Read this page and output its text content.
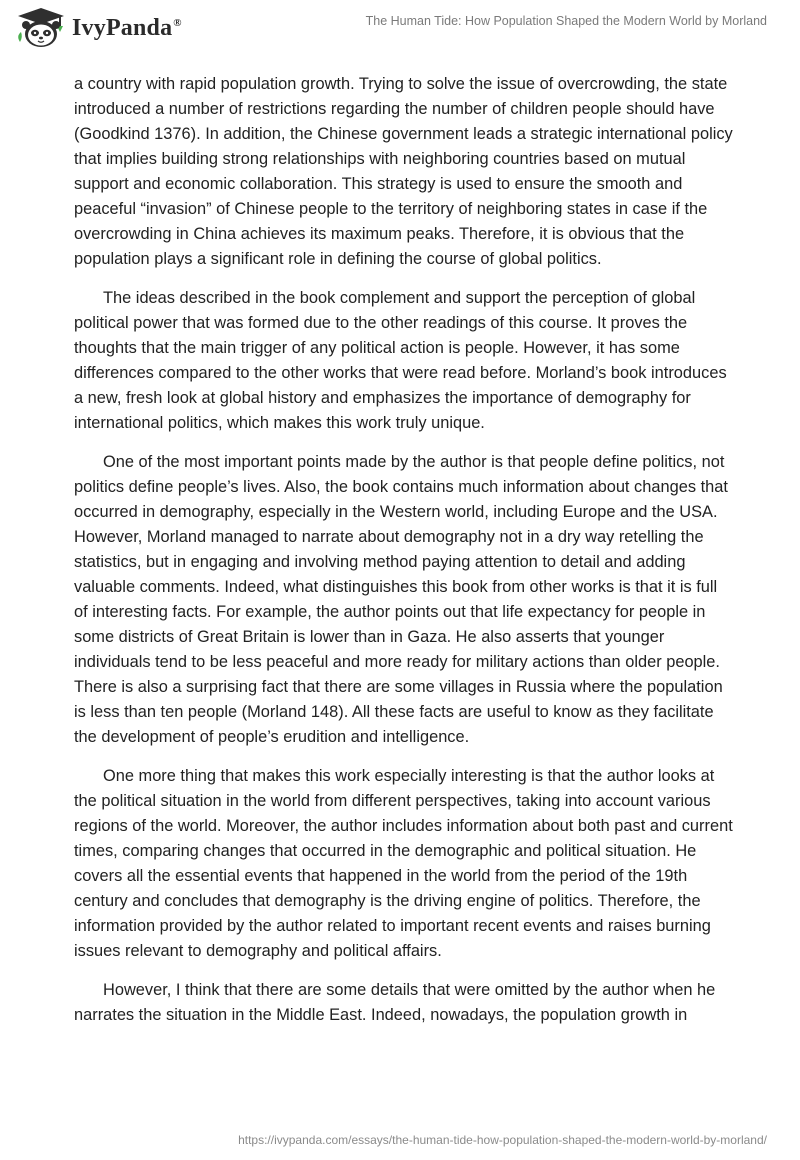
IvyPanda®	The Human Tide: How Population Shaped the Modern World by Morland

a country with rapid population growth. Trying to solve the issue of overcrowding, the state introduced a number of restrictions regarding the number of children people should have (Goodkind 1376). In addition, the Chinese government leads a strategic international policy that implies building strong relationships with neighboring countries based on mutual support and economic collaboration. This strategy is used to ensure the smooth and peaceful “invasion” of Chinese people to the territory of neighboring states in case if the overcrowding in China achieves its maximum peaks. Therefore, it is obvious that the population plays a significant role in defining the course of global politics.

The ideas described in the book complement and support the perception of global political power that was formed due to the other readings of this course. It proves the thoughts that the main trigger of any political action is people. However, it has some differences compared to the other works that were read before. Morland’s book introduces a new, fresh look at global history and emphasizes the importance of demography for international politics, which makes this work truly unique.

One of the most important points made by the author is that people define politics, not politics define people’s lives. Also, the book contains much information about changes that occurred in demography, especially in the Western world, including Europe and the USA. However, Morland managed to narrate about demography not in a dry way retelling the statistics, but in engaging and involving method paying attention to detail and adding valuable comments. Indeed, what distinguishes this book from other works is that it is full of interesting facts. For example, the author points out that life expectancy for people in some districts of Great Britain is lower than in Gaza. He also asserts that younger individuals tend to be less peaceful and more ready for military actions than older people. There is also a surprising fact that there are some villages in Russia where the population is less than ten people (Morland 148). All these facts are useful to know as they facilitate the development of people’s erudition and intelligence.

One more thing that makes this work especially interesting is that the author looks at the political situation in the world from different perspectives, taking into account various regions of the world. Moreover, the author includes information about both past and current times, comparing changes that occurred in the demographic and political situation. He covers all the essential events that happened in the world from the period of the 19th century and concludes that demography is the driving engine of politics. Therefore, the information provided by the author related to important recent events and raises burning issues relevant to demography and political affairs.

However, I think that there are some details that were omitted by the author when he narrates the situation in the Middle East. Indeed, nowadays, the population growth in

https://ivypanda.com/essays/the-human-tide-how-population-shaped-the-modern-world-by-morland/
